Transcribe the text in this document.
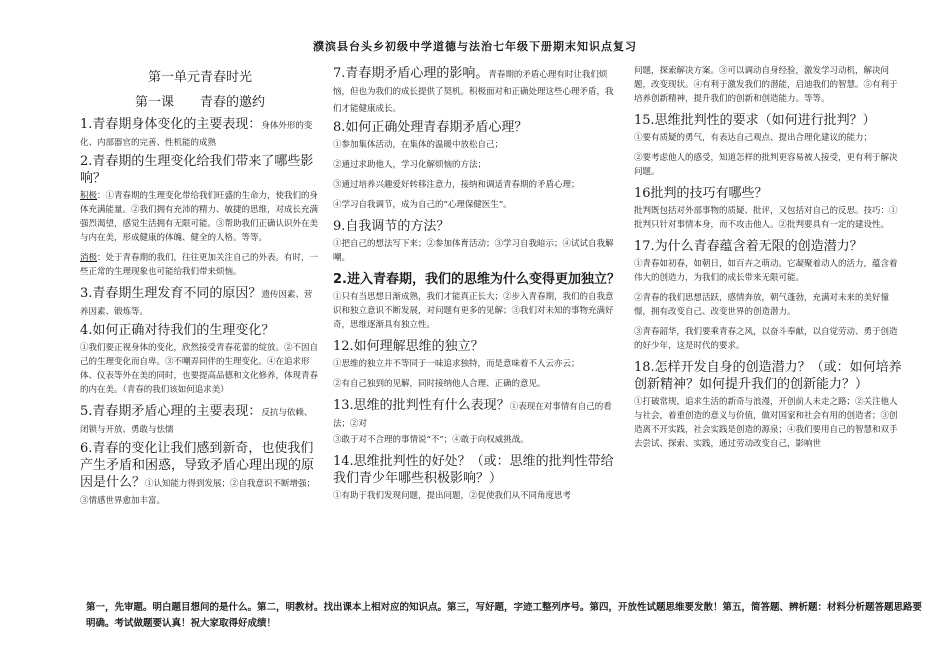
濮滨县台头乡初级中学道德与法治七年级下册期末知识点复习
第一单元青春时光
第一课　　青春的邀约
1.青春期身体变化的主要表现：身体外形的变化、内部器官的完善、性机能的成熟
2.青春期的生理变化给我们带来了哪些影响？
积极：①青春期的生理变化带给我们旺盛的生命力，使我们的身体充满能量。②我们拥有充沛的精力、敏捷的思维，对成长充满强烈渴望，感觉生活拥有无限可能。③帮助我们正确认识外在美与内在美，形成健康的体魄、健全的人格。等等。
消极：处于青春期的我们，往往更加关注自己的外表。有时，一些正常的生理现象也可能给我们带来烦恼。
3.青春期生理发育不同的原因？遗传因素、营养因素、锻炼等。
4.如何正确对待我们的生理变化？
①我们要正视身体的变化，欣然接受青春花蕾的绽放。②不因自己的生理变化而自卑。③不嘲弄同伴的生理变化。④在追求形体、仪表等外在美的同时，也要提高品德和文化修养，体现青春的内在美。（青春的我们该如何追求美）
5.青春期矛盾心理的主要表现：反抗与依赖、闭锁与开放、勇敢与怯懦
6.青春的变化让我们感到新奇，也使我们产生矛盾和困惑，导致矛盾心理出现的原因是什么？①认知能力得到发展；②自我意识不断增强；③情感世界愈加丰富。
7.青春期矛盾心理的影响。青春期的矛盾心理有时让我们烦恼，但也为我们的成长提供了契机。积极面对和正确处理这些心理矛盾，我们才能健康成长。
8.如何正确处理青春期矛盾心理？
①参加集体活动，在集体的温暖中放松自己；
②通过求助他人，学习化解烦恼的方法；
③通过培养兴趣爱好转移注意力，接纳和调适青春期的矛盾心理；
④学习自我调节，成为自己的“心理保健医生”。
9.自我调节的方法？
①把自己的想法写下来；②参加体育活动；③学习自我暗示；④试试自我解嘲。
2.进入青春期，我们的思维为什么变得更加独立？
①只有当思想日渐成熟，我们才能真正长大；②步入青春期，我们的自我意识和独立意识不断发展，对问题有更多的见解；③我们对未知的事物充满好奇，思维逐渐具有独立性。
12.如何理解思维的独立？
①思维的独立并不等同于一味追求独特，而是意味着不人云亦云；
②有自己独到的见解，同时接纳他人合理、正确的意见。
13.思维的批判性有什么表现？①表现在对事情有自己的看法；②对
③敢于对不合理的事情说“不”；④敢于向权威挑战。
14.思维批判性的好处？（或：思维的批判性带给我们青少年哪些积极影响？）
①有助于我们发现问题，提出问题，②促使我们从不同角度思考
问题，探索解决方案。③可以调动自身经验，激发学习动机，解决问题，改变现状。④有利于激发我们的潜能，启迪我们的智慧。⑤有利于培养创新精神，提升我们的创新和创造能力。等等。
15.思维批判性的要求（如何进行批判？）
①要有质疑的勇气，有表达自己观点、提出合理化建议的能力；
②要考虑他人的感受，知道怎样的批判更容易被人接受，更有利于解决问题。
16批判的技巧有哪些？
批判既包括对外部事物的质疑、批评，又包括对自己的反思。技巧：①批判只针对事情本身，而不攻击他人。②批判要具有一定的建设性。
17.为什么青春蕴含着无限的创造潜力？
①青春如初春，如朝日，如百卉之萌动。它凝聚着动人的活力，蕴含着伟大的创造力，为我们的成长带来无限可能。
②青春的我们思想活跃，感情奔放，朝气蓬勃，充满对未来的美好憧憬，拥有改变自己、改变世界的创造潜力。
③青春韶华，我们要乘青春之风，以奋斗奉献，以自觉劳动、勇于创造的好少年，这是时代的要求。
18.怎样开发自身的创造潜力？（或：如何培养创新精神？如何提升我们的创新能力？）
①打破常规，追求生活的新奇与浪漫，开创前人未走之路；②关注他人与社会，着重创造的意义与价值，做对国家和社会有用的创造者；③创造离不开实践，社会实践是创造的源泉；④我们要用自己的智慧和双手去尝试、探索、实践，通过劳动改变自己，影响世
第一，先审题。明白题目想问的是什么。第二，明教材。找出课本上相对应的知识点。第三，写好题，字迹工整列序号。第四，开放性试题思维要发散！第五，简答题、辨析题：材料分析题答题思路要明确。考试做题要认真！祝大家取得好成绩！
